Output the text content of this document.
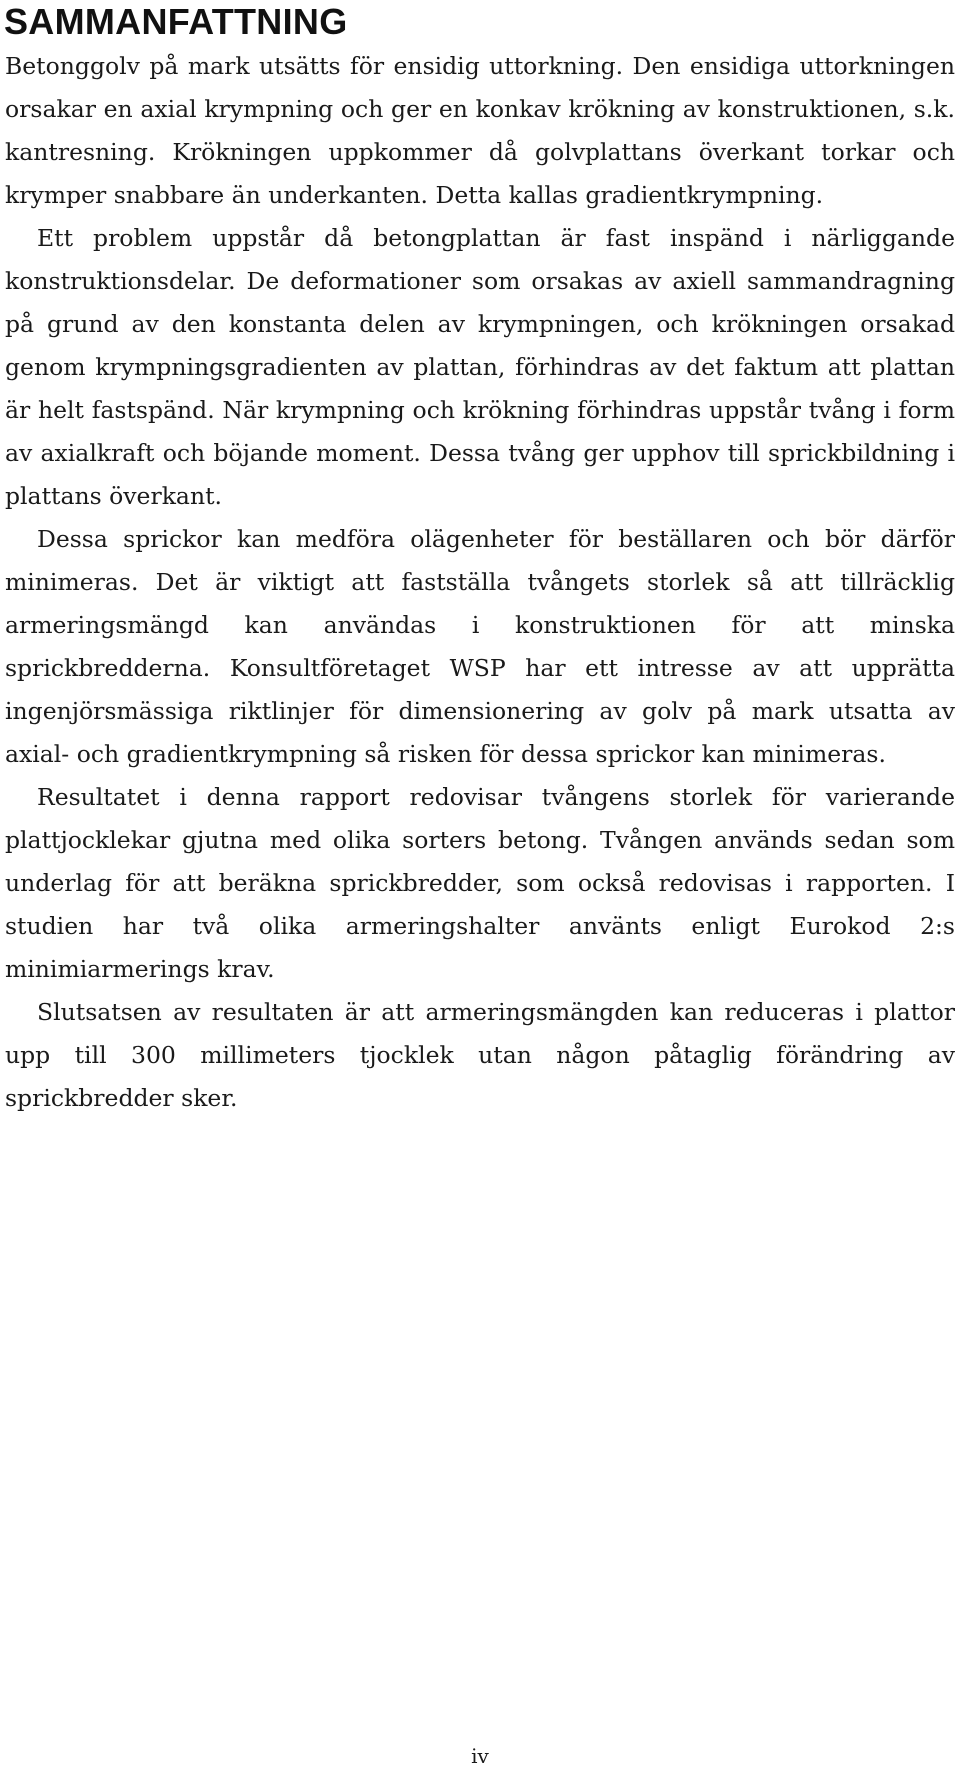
SAMMANFATTNING

Betonggolv på mark utsätts för ensidig uttorkning. Den ensidiga uttorkningen orsakar en axial krympning och ger en konkav krökning av konstruktionen, s.k. kantresning. Krökningen uppkommer då golvplattans överkant torkar och krymper snabbare än underkanten. Detta kallas gradientkrympning.

Ett problem uppstår då betongplattan är fast inspänd i närliggande konstruktionsdelar. De deformationer som orsakas av axiell sammandragning på grund av den konstanta delen av krympningen, och krökningen orsakad genom krympningsgradienten av plattan, förhindras av det faktum att plattan är helt fastspänd. När krympning och krökning förhindras uppstår tvång i form av axialkraft och böjande moment. Dessa tvång ger upphov till sprickbildning i plattans överkant.

Dessa sprickor kan medföra olägenheter för beställaren och bör därför minimeras. Det är viktigt att fastställa tvångets storlek så att tillräcklig armeringsmängd kan användas i konstruktionen för att minska sprickbredderna. Konsultföretaget WSP har ett intresse av att upprätta ingenjörsmässiga riktlinjer för dimensionering av golv på mark utsatta av axial- och gradientkrympning så risken för dessa sprickor kan minimeras.

Resultatet i denna rapport redovisar tvångens storlek för varierande plattjocklekar gjutna med olika sorters betong. Tvången används sedan som underlag för att beräkna sprickbredder, som också redovisas i rapporten. I studien har två olika armeringshalter använts enligt Eurokod 2:s minimiarmerings krav.

Slutsatsen av resultaten är att armeringsmängden kan reduceras i plattor upp till 300 millimeters tjocklek utan någon påtaglig förändring av sprickbredder sker.

iv
